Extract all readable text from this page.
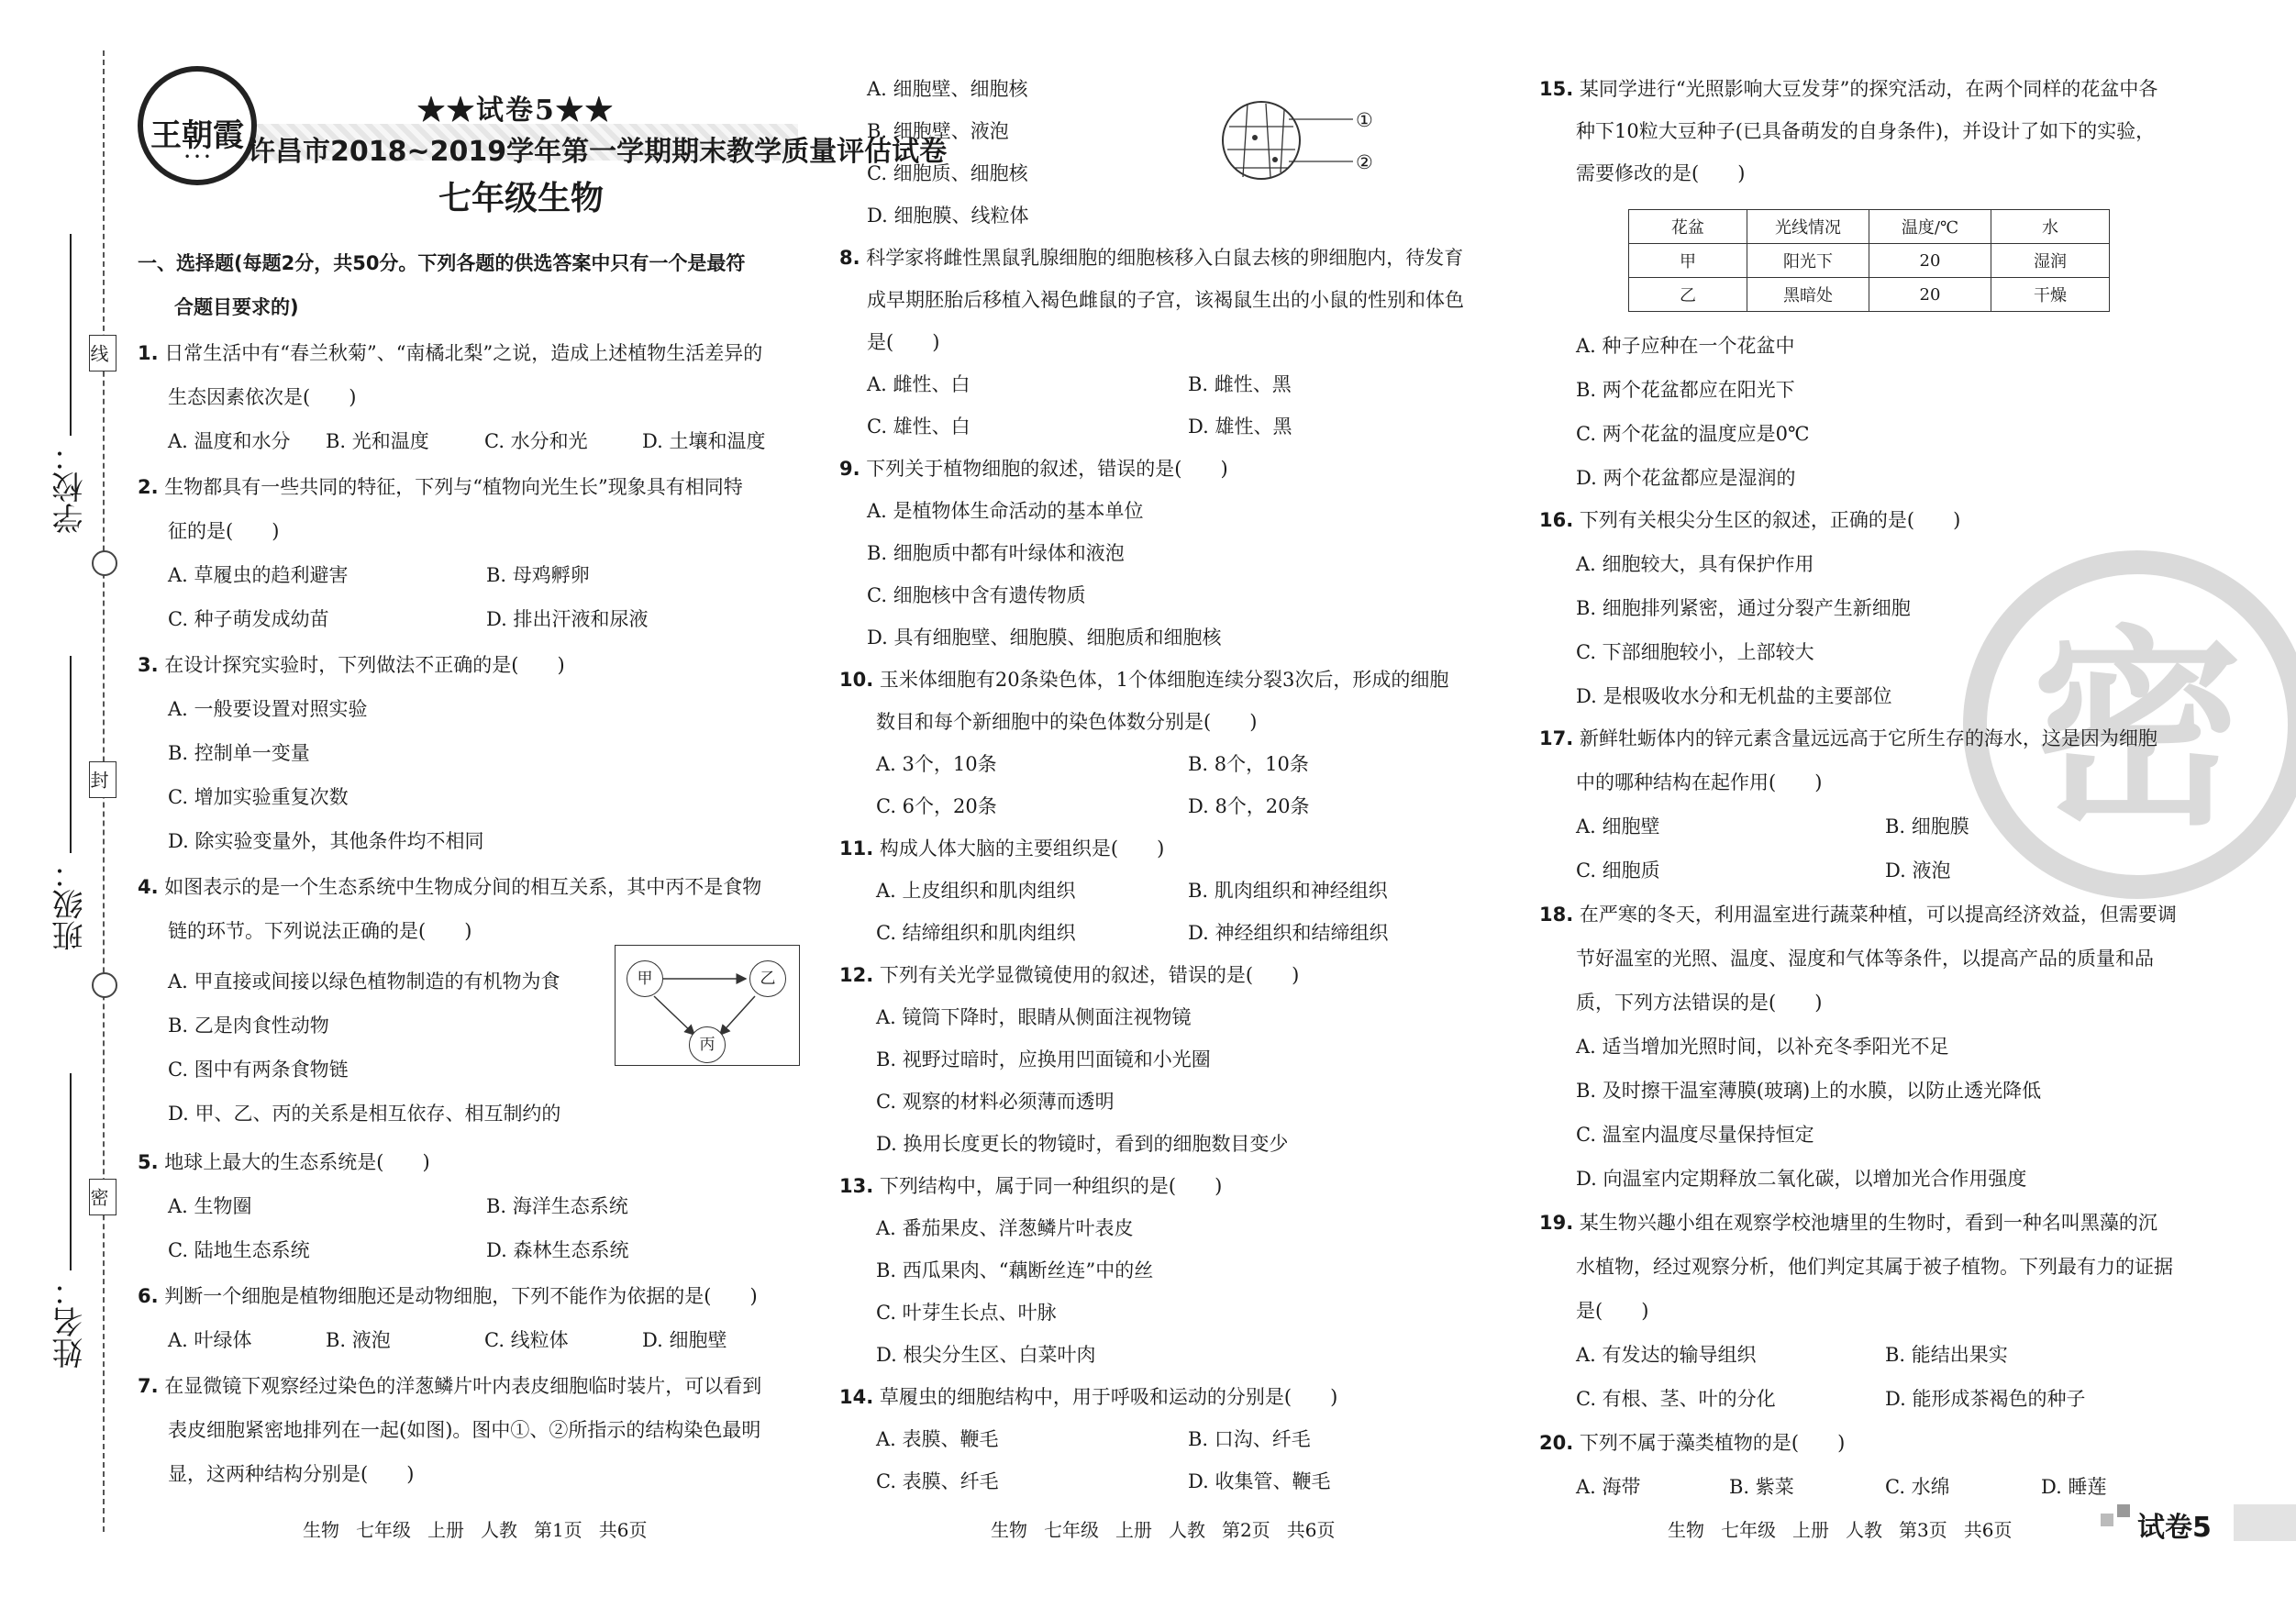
线
封
密
学校：
班级：
姓名：
王朝霞
• • •
★★试卷5★★
许昌市2018~2019学年第一学期期末教学质量评估试卷
七年级生物
一、选择题(每题2分，共50分。下列各题的供选答案中只有一个是最符
合题目要求的)
1. 日常生活中有“春兰秋菊”、“南橘北梨”之说，造成上述植物生活差异的
生态因素依次是(　　)
A. 温度和水分 B. 光和温度	C. 水分和光	D. 土壤和温度
2. 生物都具有一些共同的特征，下列与“植物向光生长”现象具有相同特
征的是(　　)
A. 草履虫的趋利避害	B. 母鸡孵卵
C. 种子萌发成幼苗	D. 排出汗液和尿液
3. 在设计探究实验时，下列做法不正确的是(　　)
A. 一般要设置对照实验
B. 控制单一变量
C. 增加实验重复次数
D. 除实验变量外，其他条件均不相同
4. 如图表示的是一个生态系统中生物成分间的相互关系，其中丙不是食物
链的环节。下列说法正确的是(　　)
A. 甲直接或间接以绿色植物制造的有机物为食
B. 乙是肉食性动物
C. 图中有两条食物链
D. 甲、乙、丙的关系是相互依存、相互制约的
甲	乙
丙
5. 地球上最大的生态系统是(　　)
A. 生物圈	B. 海洋生态系统
C. 陆地生态系统	D. 森林生态系统
6. 判断一个细胞是植物细胞还是动物细胞，下列不能作为依据的是(　　)
A. 叶绿体	B. 液泡	C. 线粒体	D. 细胞壁
7. 在显微镜下观察经过染色的洋葱鳞片叶内表皮细胞临时装片，可以看到
表皮细胞紧密地排列在一起(如图)。图中①、②所指示的结构染色最明
显，这两种结构分别是(　　)
生物 七年级 上册 人教 第1页 共6页
A. 细胞壁、细胞核
B. 细胞壁、液泡
C. 细胞质、细胞核
D. 细胞膜、线粒体
①
②
8. 科学家将雌性黑鼠乳腺细胞的细胞核移入白鼠去核的卵细胞内，待发育
成早期胚胎后移植入褐色雌鼠的子宫，该褐鼠生出的小鼠的性别和体色
是(　　)
A. 雌性、白	B. 雌性、黑
C. 雄性、白	D. 雄性、黑
9. 下列关于植物细胞的叙述，错误的是(　　)
A. 是植物体生命活动的基本单位
B. 细胞质中都有叶绿体和液泡
C. 细胞核中含有遗传物质
D. 具有细胞壁、细胞膜、细胞质和细胞核
10. 玉米体细胞有20条染色体，1个体细胞连续分裂3次后，形成的细胞
数目和每个新细胞中的染色体数分别是(　　)
A. 3个，10条	B. 8个，10条
C. 6个，20条	D. 8个，20条
11. 构成人体大脑的主要组织是(　　)
A. 上皮组织和肌肉组织	B. 肌肉组织和神经组织
C. 结缔组织和肌肉组织	D. 神经组织和结缔组织
12. 下列有关光学显微镜使用的叙述，错误的是(　　)
A. 镜筒下降时，眼睛从侧面注视物镜
B. 视野过暗时，应换用凹面镜和小光圈
C. 观察的材料必须薄而透明
D. 换用长度更长的物镜时，看到的细胞数目变少
13. 下列结构中，属于同一种组织的是(　　)
A. 番茄果皮、洋葱鳞片叶表皮
B. 西瓜果肉、“藕断丝连”中的丝
C. 叶芽生长点、叶脉
D. 根尖分生区、白菜叶肉
14. 草履虫的细胞结构中，用于呼吸和运动的分别是(　　)
A. 表膜、鞭毛	B. 口沟、纤毛
C. 表膜、纤毛	D. 收集管、鞭毛
生物 七年级 上册 人教 第2页 共6页
密
15. 某同学进行“光照影响大豆发芽”的探究活动，在两个同样的花盆中各
种下10粒大豆种子(已具备萌发的自身条件)，并设计了如下的实验，
需要修改的是(　　)
花盆	光线情况	温度/℃	水
甲	阳光下	20	湿润
乙	黑暗处	20	干燥
A. 种子应种在一个花盆中
B. 两个花盆都应在阳光下
C. 两个花盆的温度应是0℃
D. 两个花盆都应是湿润的
16. 下列有关根尖分生区的叙述，正确的是(　　)
A. 细胞较大，具有保护作用
B. 细胞排列紧密，通过分裂产生新细胞
C. 下部细胞较小，上部较大
D. 是根吸收水分和无机盐的主要部位
17. 新鲜牡蛎体内的锌元素含量远远高于它所生存的海水，这是因为细胞
中的哪种结构在起作用(　　)
A. 细胞壁	B. 细胞膜
C. 细胞质	D. 液泡
18. 在严寒的冬天，利用温室进行蔬菜种植，可以提高经济效益，但需要调
节好温室的光照、温度、湿度和气体等条件，以提高产品的质量和品
质，下列方法错误的是(　　)
A. 适当增加光照时间，以补充冬季阳光不足
B. 及时擦干温室薄膜(玻璃)上的水膜，以防止透光降低
C. 温室内温度尽量保持恒定
D. 向温室内定期释放二氧化碳，以增加光合作用强度
19. 某生物兴趣小组在观察学校池塘里的生物时，看到一种名叫黑藻的沉
水植物，经过观察分析，他们判定其属于被子植物。下列最有力的证据
是(　　)
A. 有发达的输导组织	B. 能结出果实
C. 有根、茎、叶的分化	D. 能形成茶褐色的种子
20. 下列不属于藻类植物的是(　　)
A. 海带	B. 紫菜	C. 水绵	D. 睡莲
生物 七年级 上册 人教 第3页 共6页	试卷5
